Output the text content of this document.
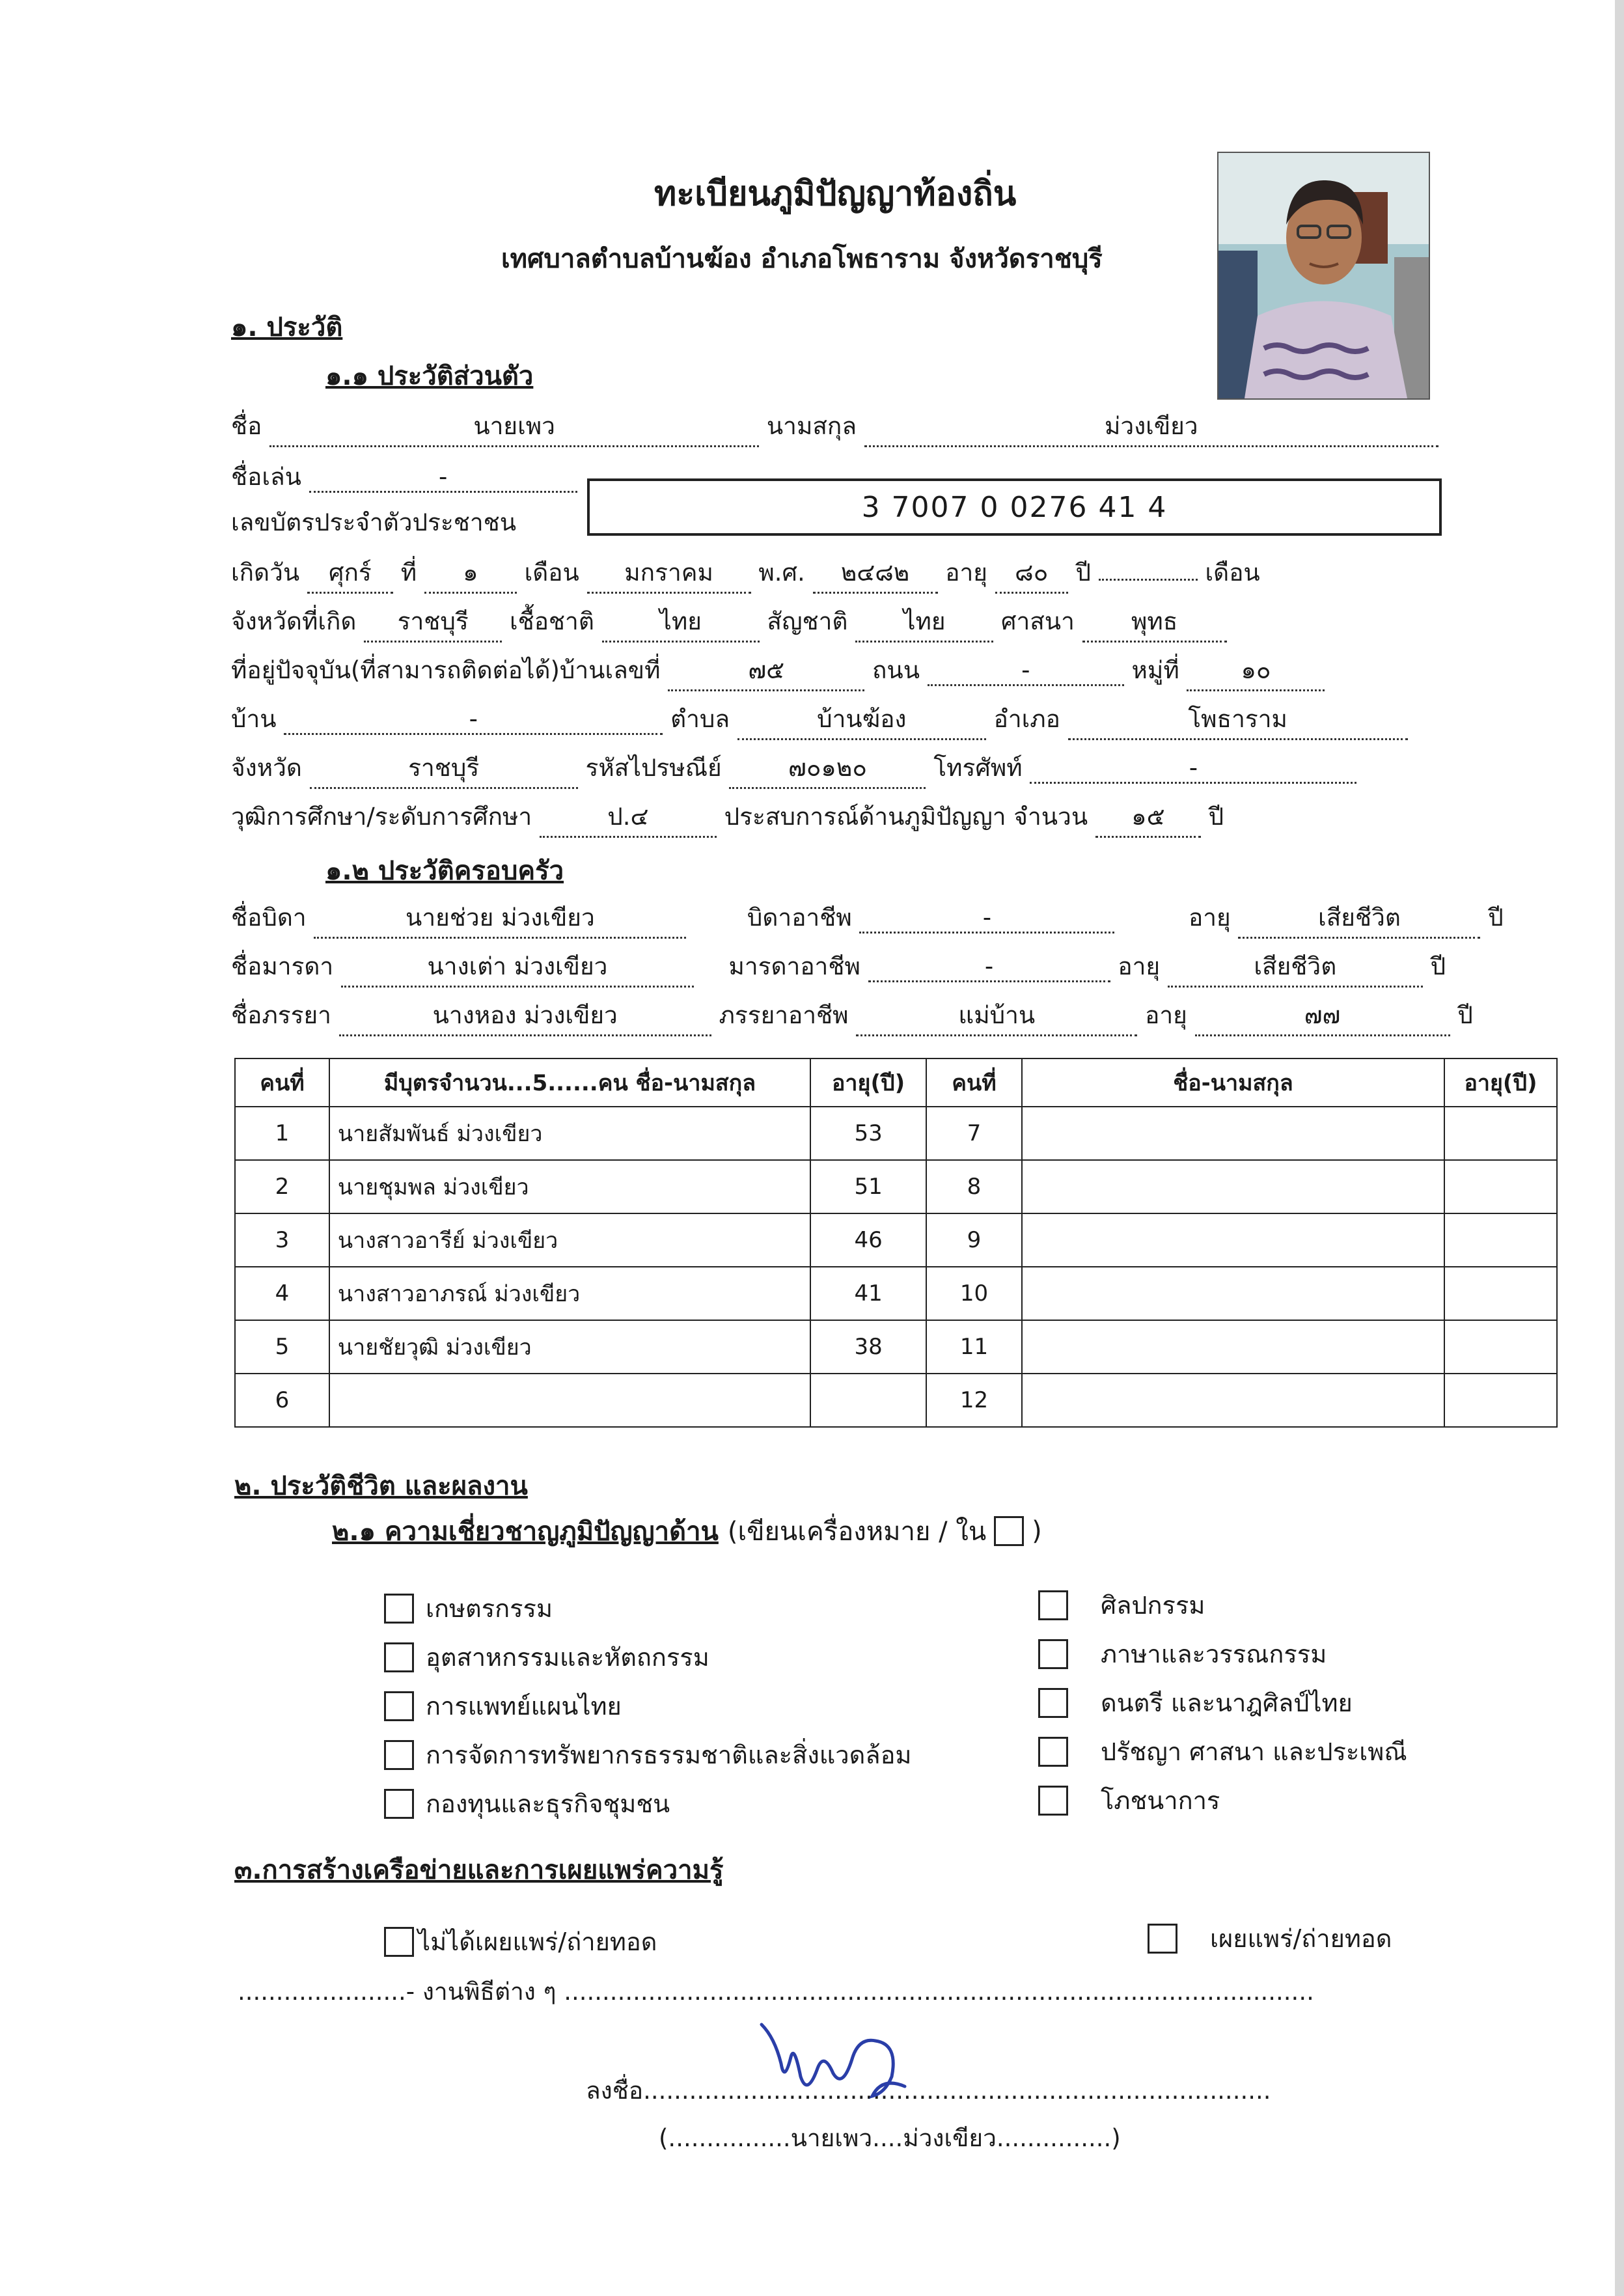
ทะเบียนภูมิปัญญาท้องถิ่น
เทศบาลตำบลบ้านฆ้อง อำเภอโพธาราม จังหวัดราชบุรี
๑. ประวัติ
๑.๑ ประวัติส่วนตัว
ชื่อ	นายเพว	นามสกุล	ม่วงเขียว
ชื่อเล่น	-
เลขบัตรประจำตัวประชาชน	3 7007 0 0276 41 4
เกิดวัน ศุกร์ ที่ ๑ เดือน มกราคม พ.ศ. ๒๔๘๒ อายุ ๘๐ ปี	เดือน
จังหวัดที่เกิด ราชบุรี เชื้อชาติ	ไทย	สัญชาติ ไทย ศาสนา พุทธ
ที่อยู่ปัจจุบัน(ที่สามารถติดต่อได้)บ้านเลขที่	๗๕	ถนน	-	หมู่ที่	๑๐
บ้าน	-	ตำบล	บ้านฆ้อง	อำเภอ	โพธาราม
จังหวัด	ราชบุรี	รหัสไปรษณีย์	๗๐๑๒๐	โทรศัพท์	-
วุฒิการศึกษา/ระดับการศึกษา	ป.๔	ประสบการณ์ด้านภูมิปัญญา จำนวน ๑๕ ปี
๑.๒ ประวัติครอบครัว
ชื่อบิดา	นายช่วย ม่วงเขียว	บิดาอาชีพ	-	อายุ	เสียชีวิต	ปี
ชื่อมารดา	นางเต่า ม่วงเขียว	มารดาอาชีพ	-	อายุ	เสียชีวิต	ปี
ชื่อภรรยา	นางหอง ม่วงเขียว	ภรรยาอาชีพ	แม่บ้าน	อายุ	๗๗	ปี
คนที่	มีบุตรจำนวน...5......คน ชื่อ-นามสกุล	อายุ(ปี)	คนที่	ชื่อ-นามสกุล	อายุ(ปี)
1	นายสัมพันธ์ ม่วงเขียว	53	7		
2	นายชุมพล ม่วงเขียว	51	8		
3	นางสาวอารีย์ ม่วงเขียว	46	9		
4	นางสาวอาภรณ์ ม่วงเขียว	41	10		
5	นายชัยวุฒิ ม่วงเขียว	38	11		
6			12		
๒. ประวัติชีวิต และผลงาน
๒.๑ ความเชี่ยวชาญภูมิปัญญาด้าน (เขียนเครื่องหมาย / ใน )
เกษตรกรรม
อุตสาหกรรมและหัตถกรรม
การแพทย์แผนไทย
การจัดการทรัพยากรธรรมชาติและสิ่งแวดล้อม
กองทุนและธุรกิจชุมชน
ศิลปกรรม
ภาษาและวรรณกรรม
ดนตรี และนาฎศิลป์ไทย
ปรัชญา ศาสนา และประเพณี
โภชนาการ
๓.การสร้างเครือข่ายและการเผยแพร่ความรู้
ไม่ได้เผยแพร่/ถ่ายทอด	เผยแพร่/ถ่ายทอด
......................- งานพิธีต่าง ๆ ..................................................................................................
ลงชื่อ..................................................................................
(................นายเพว....ม่วงเขียว...............)
